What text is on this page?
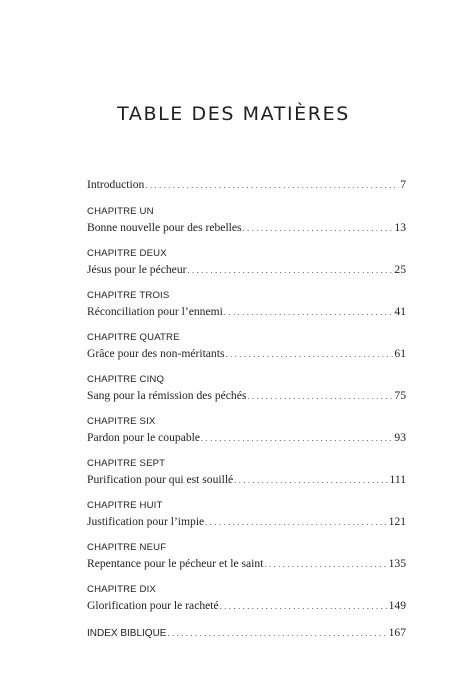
TABLE DES MATIÈRES
Introduction . . .	7
CHAPITRE UN
Bonne nouvelle pour des rebelles . . .	13
CHAPITRE DEUX
Jésus pour le pécheur . . .	25
CHAPITRE TROIS
Réconciliation pour l’ennemi . . .	41
CHAPITRE QUATRE
Grâce pour des non-méritants . . .	61
CHAPITRE CINQ
Sang pour la rémission des péchés . . .	75
CHAPITRE SIX
Pardon pour le coupable . . .	93
CHAPITRE SEPT
Purification pour qui est souillé . . .	111
CHAPITRE HUIT
Justification pour l’impie . . .	121
CHAPITRE NEUF
Repentance pour le pécheur et le saint . . .	135
CHAPITRE DIX
Glorification pour le racheté . . .	149
INDEX BIBLIQUE . . .	167
